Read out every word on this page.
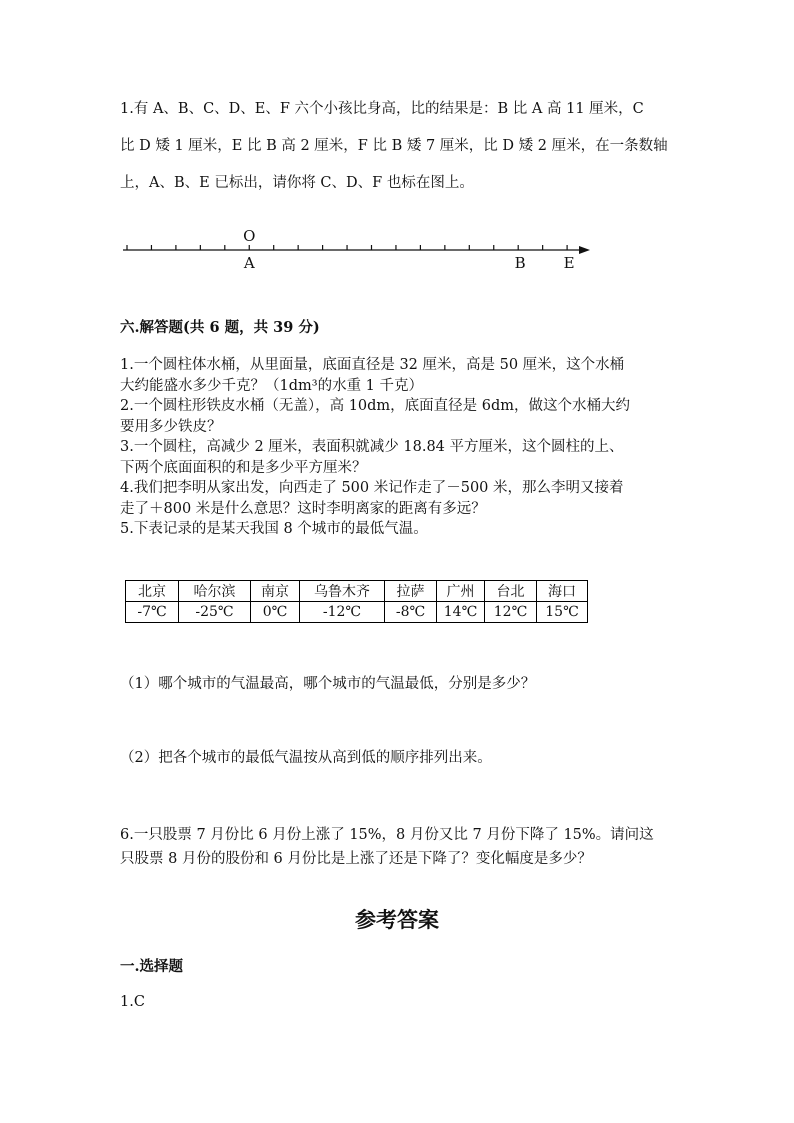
1.有 A、B、C、D、E、F 六个小孩比身高，比的结果是：B 比 A 高 11 厘米，C
比 D 矮 1 厘米，E 比 B 高 2 厘米，F 比 B 矮 7 厘米，比 D 矮 2 厘米，在一条数轴
上，A、B、E 已标出，请你将 C、D、F 也标在图上。
O
A	B	E
六.解答题(共 6 题，共 39 分)
1.一个圆柱体水桶，从里面量，底面直径是 32 厘米，高是 50 厘米，这个水桶
大约能盛水多少千克？（1dm³的水重 1 千克）
2.一个圆柱形铁皮水桶（无盖），高 10dm，底面直径是 6dm，做这个水桶大约
要用多少铁皮？
3.一个圆柱，高减少 2 厘米，表面积就减少 18.84 平方厘米，这个圆柱的上、
下两个底面面积的和是多少平方厘米？
4.我们把李明从家出发，向西走了 500 米记作走了－500 米，那么李明又接着
走了＋800 米是什么意思？这时李明离家的距离有多远？
5.下表记录的是某天我国 8 个城市的最低气温。
北京	哈尔滨	南京	乌鲁木齐	拉萨	广州	台北	海口
-7℃	-25℃	0℃	-12℃	-8℃	14℃	12℃	15℃
（1）哪个城市的气温最高，哪个城市的气温最低，分别是多少？
（2）把各个城市的最低气温按从高到低的顺序排列出来。
6.一只股票 7 月份比 6 月份上涨了 15%，8 月份又比 7 月份下降了 15%。请问这
只股票 8 月份的股份和 6 月份比是上涨了还是下降了？变化幅度是多少？
参考答案
一.选择题
1.C
